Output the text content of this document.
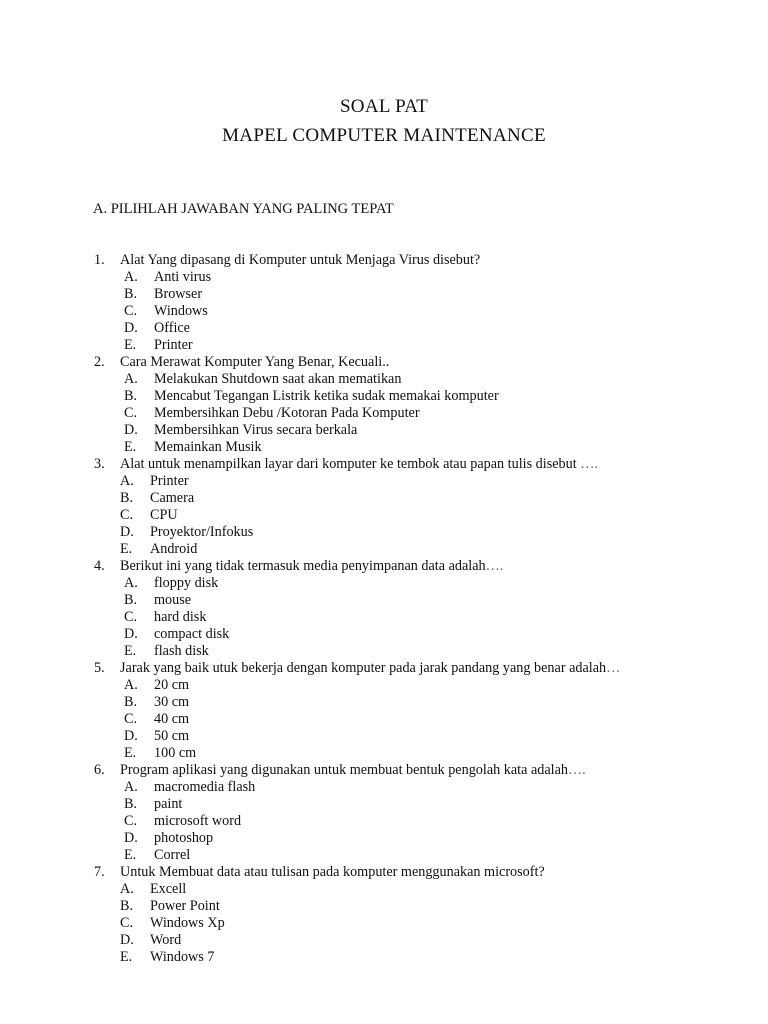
SOAL PAT
MAPEL COMPUTER MAINTENANCE
A. PILIHLAH JAWABAN YANG PALING TEPAT
1. Alat Yang dipasang di Komputer untuk Menjaga Virus disebut?
A. Anti virus
B. Browser
C. Windows
D. Office
E. Printer
2. Cara Merawat Komputer Yang Benar, Kecuali..
A. Melakukan Shutdown saat akan mematikan
B. Mencabut Tegangan Listrik ketika sudak memakai komputer
C. Membersihkan Debu /Kotoran Pada Komputer
D. Membersihkan Virus secara berkala
E. Memainkan Musik
3. Alat untuk menampilkan layar dari komputer ke tembok atau papan tulis disebut ….
A. Printer
B. Camera
C. CPU
D. Proyektor/Infokus
E. Android
4. Berikut ini yang tidak termasuk media penyimpanan data adalah….
A. floppy disk
B. mouse
C. hard disk
D. compact disk
E. flash disk
5. Jarak yang baik utuk bekerja dengan komputer pada jarak pandang yang benar adalah…
A. 20 cm
B. 30 cm
C. 40 cm
D. 50 cm
E. 100 cm
6. Program aplikasi yang digunakan untuk membuat bentuk pengolah kata adalah….
A. macromedia flash
B. paint
C. microsoft word
D. photoshop
E. Correl
7. Untuk Membuat data atau tulisan pada komputer menggunakan microsoft?
A. Excell
B. Power Point
C. Windows Xp
D. Word
E. Windows 7
